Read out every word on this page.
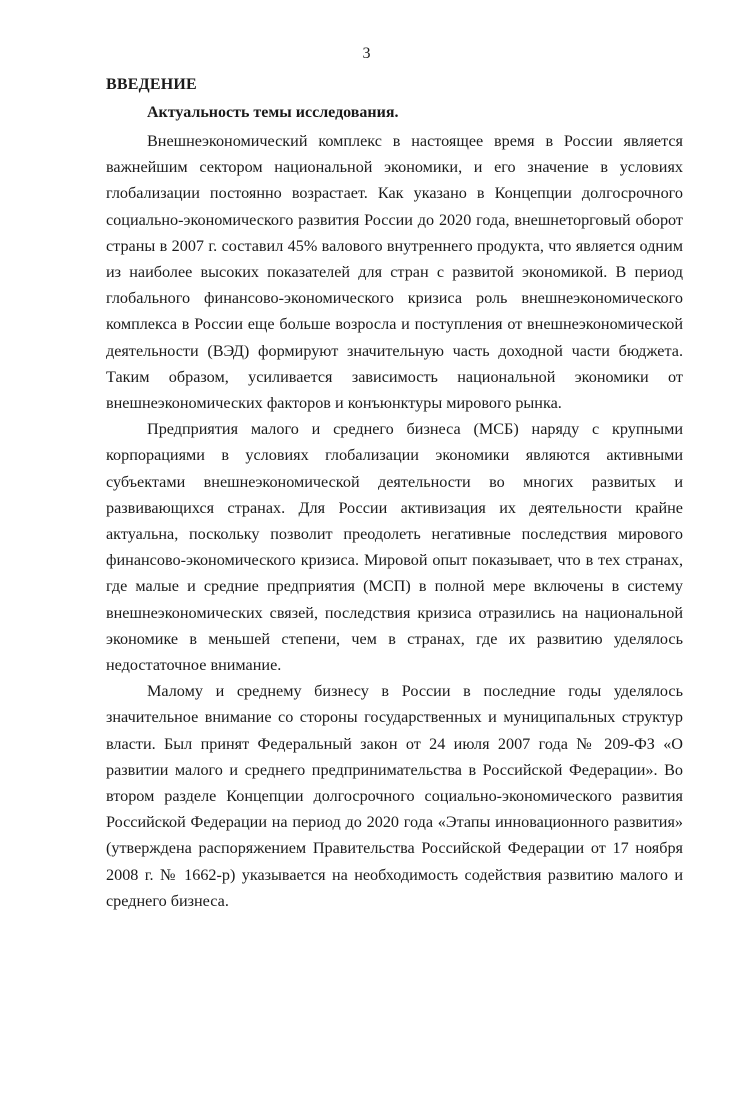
3
ВВЕДЕНИЕ
Актуальность темы исследования.

Внешнеэкономический комплекс в настоящее время в России является важнейшим сектором национальной экономики, и его значение в условиях глобализации постоянно возрастает. Как указано в Концепции долгосрочного социально-экономического развития России до 2020 года, внешнеторговый оборот страны в 2007 г. составил 45% валового внутреннего продукта, что является одним из наиболее высоких показателей для стран с развитой экономикой. В период глобального финансово-экономического кризиса роль внешнеэкономического комплекса в России еще больше возросла и поступления от внешнеэкономической деятельности (ВЭД) формируют значительную часть доходной части бюджета. Таким образом, усиливается зависимость национальной экономики от внешнеэкономических факторов и конъюнктуры мирового рынка.

Предприятия малого и среднего бизнеса (МСБ) наряду с крупными корпорациями в условиях глобализации экономики являются активными субъектами внешнеэкономической деятельности во многих развитых и развивающихся странах. Для России активизация их деятельности крайне актуальна, поскольку позволит преодолеть негативные последствия мирового финансово-экономического кризиса. Мировой опыт показывает, что в тех странах, где малые и средние предприятия (МСП) в полной мере включены в систему внешнеэкономических связей, последствия кризиса отразились на национальной экономике в меньшей степени, чем в странах, где их развитию уделялось недостаточное внимание.

Малому и среднему бизнесу в России в последние годы уделялось значительное внимание со стороны государственных и муниципальных структур власти. Был принят Федеральный закон от 24 июля 2007 года № 209-ФЗ «О развитии малого и среднего предпринимательства в Российской Федерации». Во втором разделе Концепции долгосрочного социально-экономического развития Российской Федерации на период до 2020 года «Этапы инновационного развития» (утверждена распоряжением Правительства Российской Федерации от 17 ноября 2008 г. № 1662-р) указывается на необходимость содействия развитию малого и среднего бизнеса.
